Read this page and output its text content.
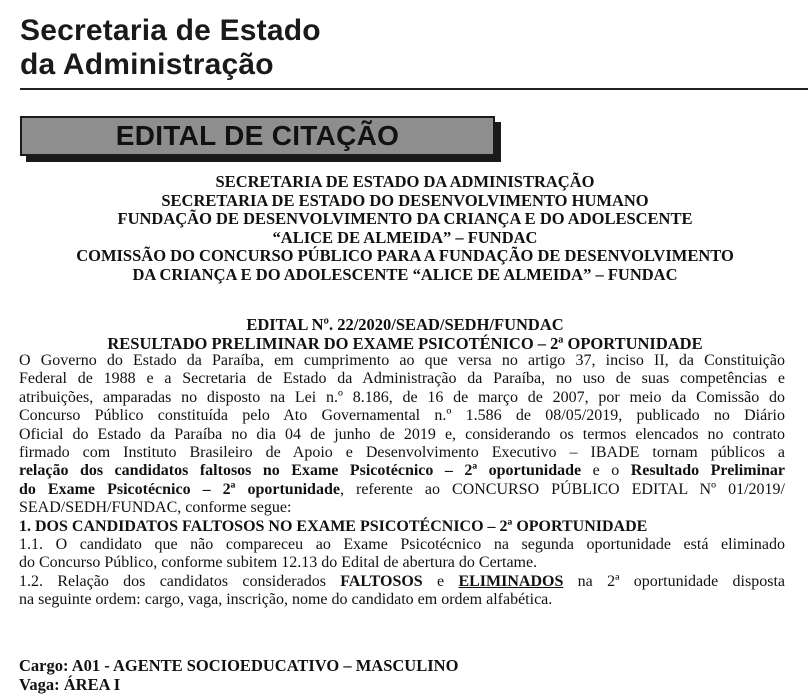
Secretaria de Estado
da Administração
EDITAL DE CITAÇÃO
SECRETARIA DE ESTADO DA ADMINISTRAÇÃO
SECRETARIA DE ESTADO DO DESENVOLVIMENTO HUMANO
FUNDAÇÃO DE DESENVOLVIMENTO DA CRIANÇA E DO ADOLESCENTE
“ALICE DE ALMEIDA” – FUNDAC
COMISSÃO DO CONCURSO PÚBLICO PARA A FUNDAÇÃO DE DESENVOLVIMENTO
DA CRIANÇA E DO ADOLESCENTE “ALICE DE ALMEIDA” – FUNDAC
EDITAL Nº. 22/2020/SEAD/SEDH/FUNDAC
RESULTADO PRELIMINAR DO EXAME PSICOTÉNICO – 2ª OPORTUNIDADE
O Governo do Estado da Paraíba, em cumprimento ao que versa no artigo 37, inciso II, da Constituição
Federal de 1988 e a Secretaria de Estado da Administração da Paraíba, no uso de suas competências e
atribuições, amparadas no disposto na Lei n.º 8.186, de 16 de março de 2007, por meio da Comissão do
Concurso Público constituída pelo Ato Governamental n.º 1.586 de 08/05/2019, publicado no Diário
Oficial do Estado da Paraíba no dia 04 de junho de 2019 e, considerando os termos elencados no contrato
firmado com Instituto Brasileiro de Apoio e Desenvolvimento Executivo – IBADE tornam públicos a
relação dos candidatos faltosos no Exame Psicotécnico – 2ª oportunidade e o Resultado Preliminar
do Exame Psicotécnico – 2ª oportunidade, referente ao CONCURSO PÚBLICO EDITAL Nº 01/2019/
SEAD/SEDH/FUNDAC, conforme segue:
1. DOS CANDIDATOS FALTOSOS NO EXAME PSICOTÉCNICO – 2ª OPORTUNIDADE
1.1. O candidato que não compareceu ao Exame Psicotécnico na segunda oportunidade está eliminado
do Concurso Público, conforme subitem 12.13 do Edital de abertura do Certame.
1.2. Relação dos candidatos considerados FALTOSOS e ELIMINADOS na 2ª oportunidade disposta
na seguinte ordem: cargo, vaga, inscrição, nome do candidato em ordem alfabética.
Cargo: A01 - AGENTE SOCIOEDUCATIVO – MASCULINO
Vaga: ÁREA I
